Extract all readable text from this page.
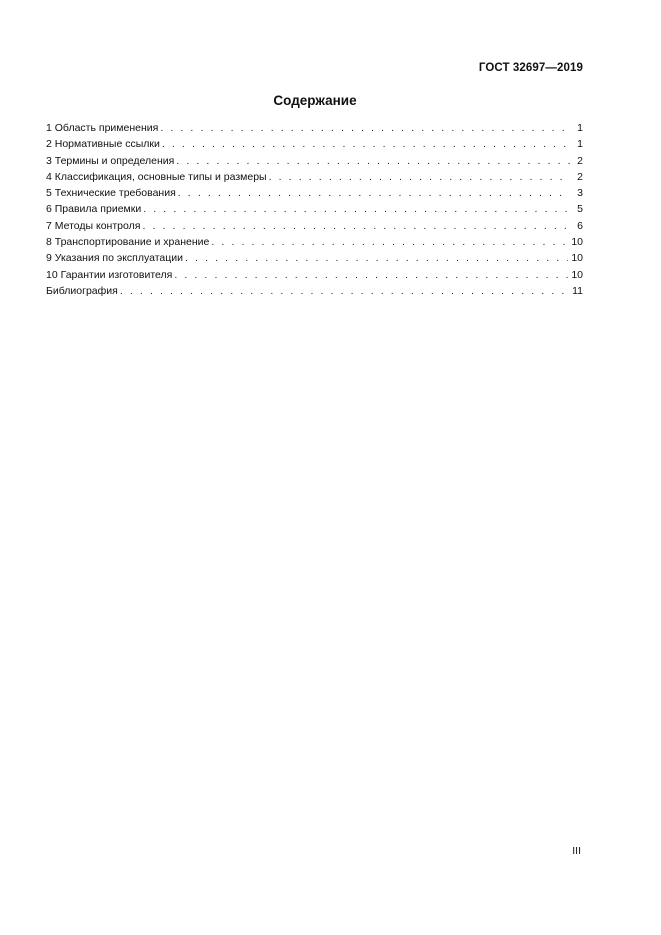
ГОСТ 32697—2019
Содержание
1 Область применения . . .	1
2 Нормативные ссылки . . .	1
3 Термины и определения . . .	2
4 Классификация, основные типы и размеры . . .	2
5 Технические требования . . .	3
6 Правила приемки . . .	5
7 Методы контроля . . .	6
8 Транспортирование и хранение . . .	10
9 Указания по эксплуатации . . .	10
10 Гарантии изготовителя . . .	10
Библиография . . .	11
III
